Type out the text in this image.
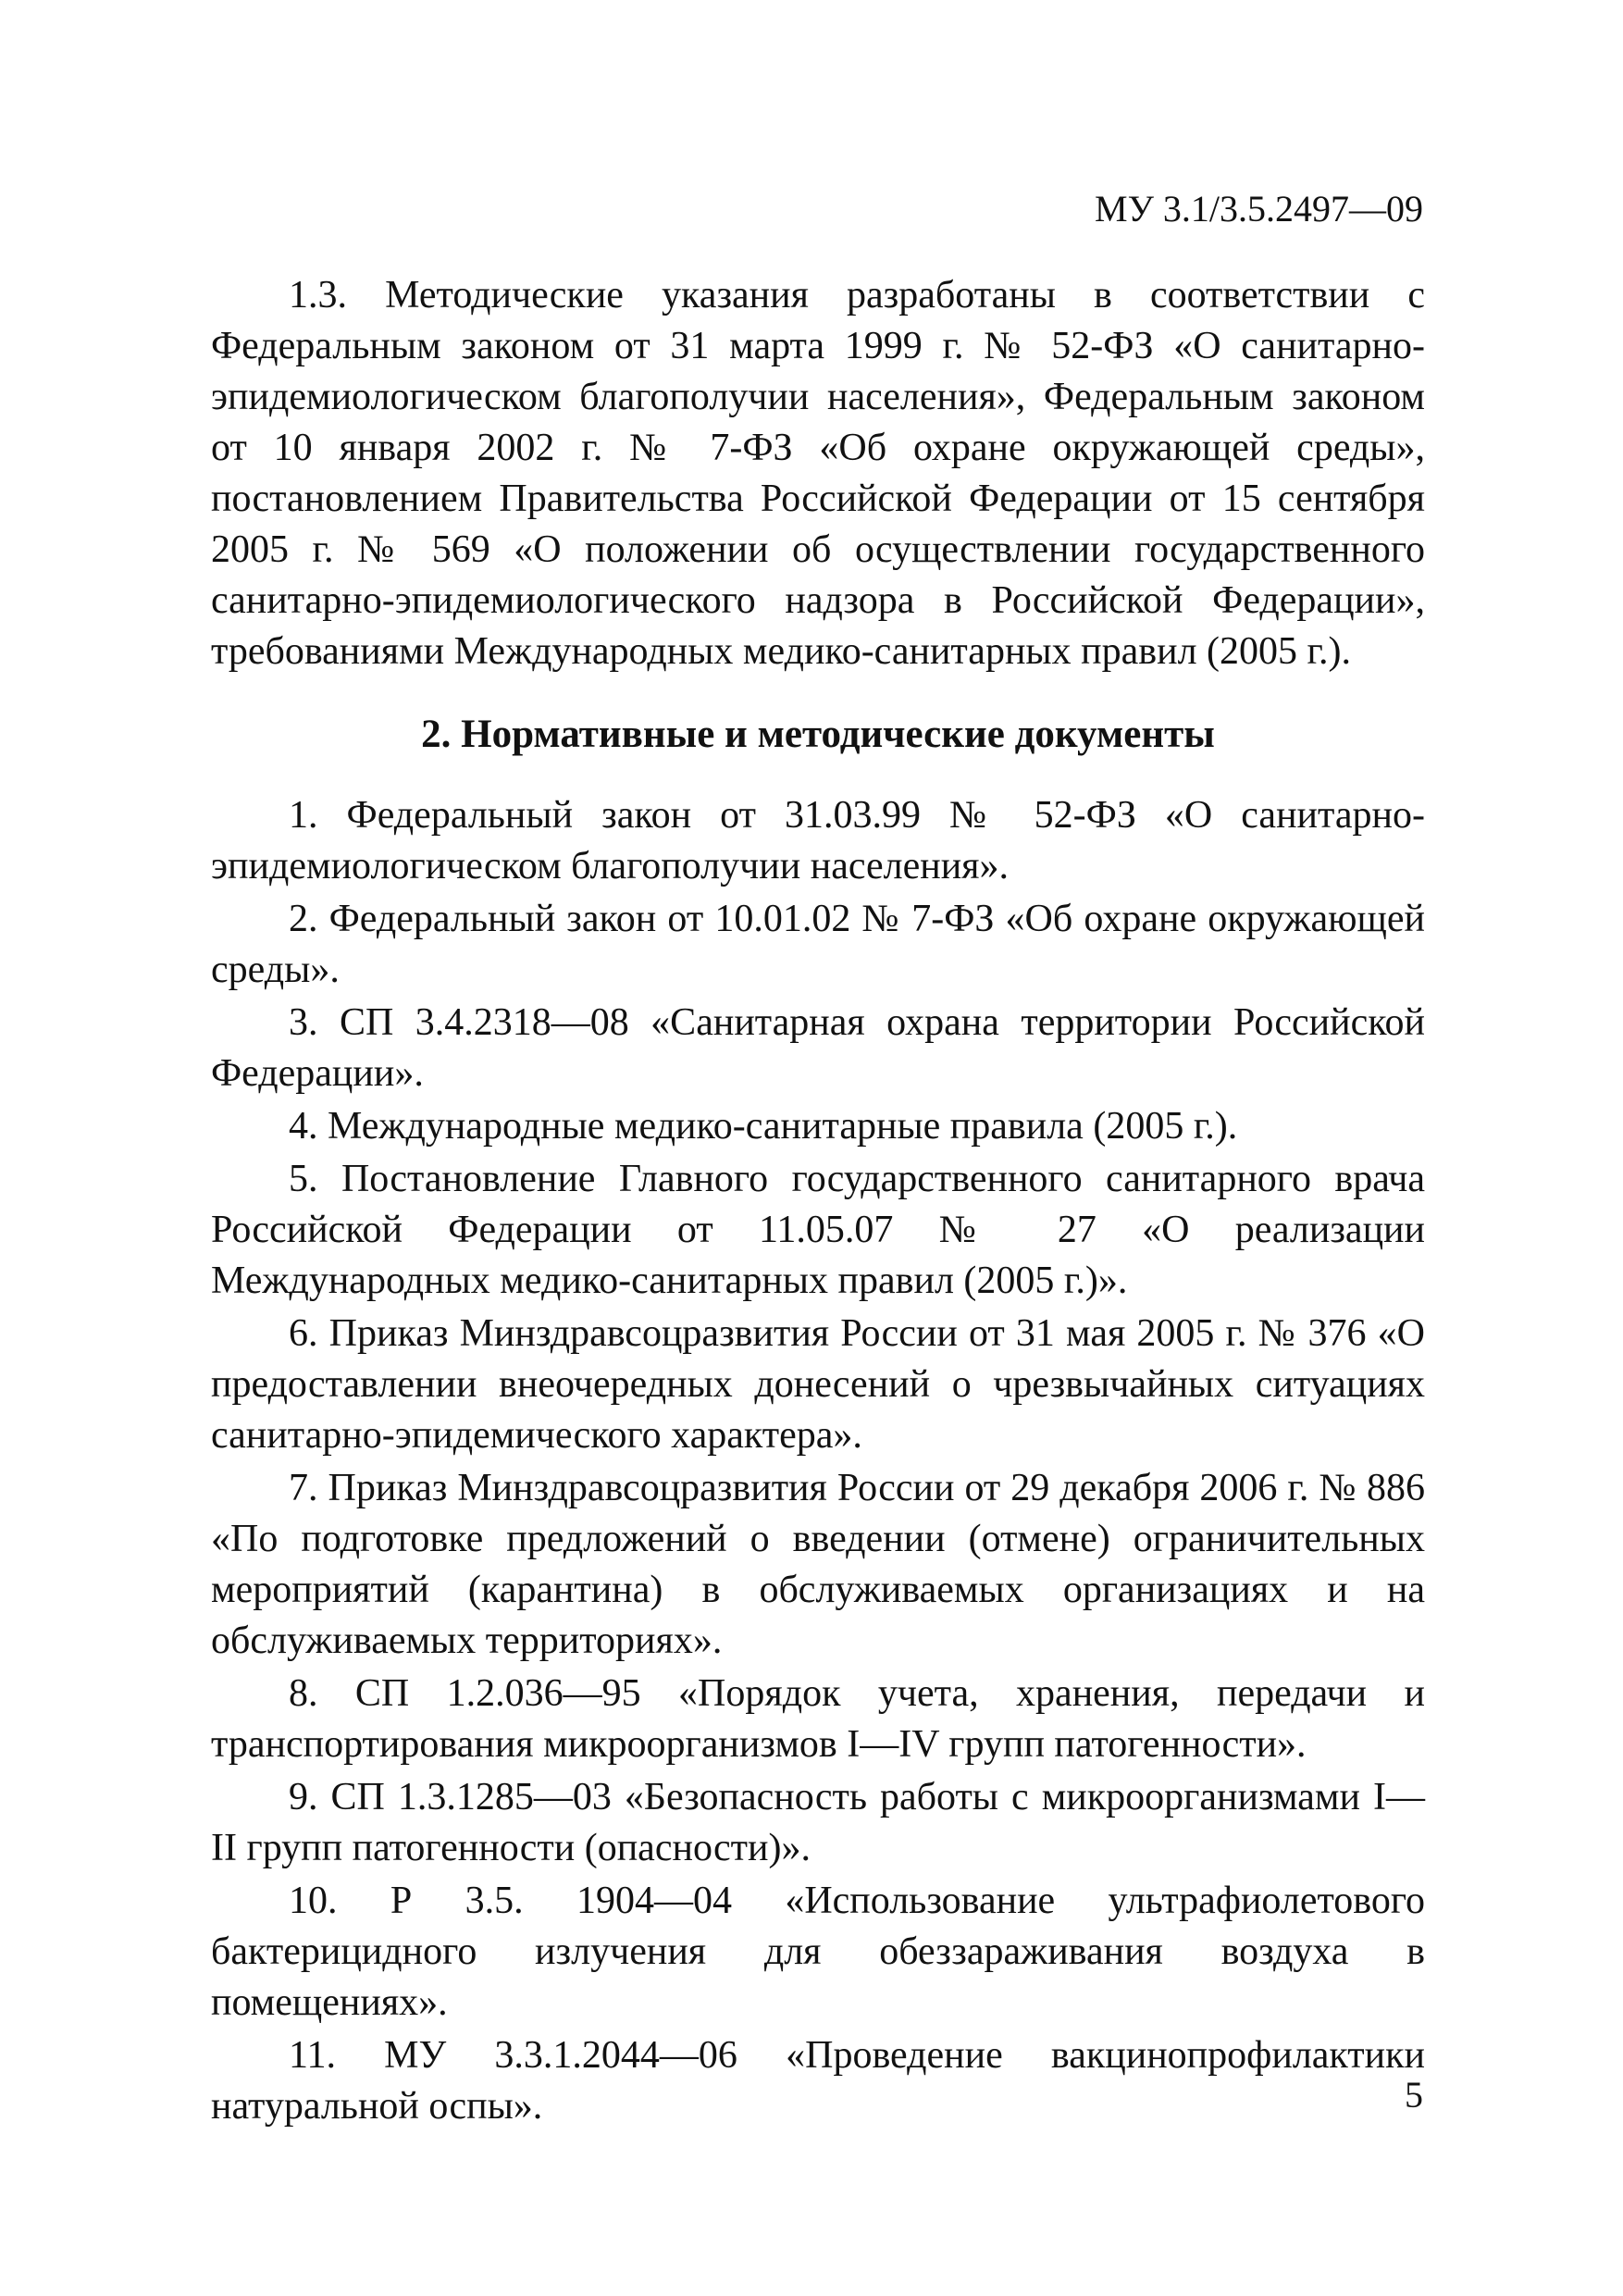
МУ 3.1/3.5.2497—09

1.3. Методические указания разработаны в соответствии с Федеральным законом от 31 марта 1999 г. № 52-ФЗ «О санитарно-эпидемиологическом благополучии населения», Федеральным законом от 10 января 2002 г. № 7-ФЗ «Об охране окружающей среды», постановлением Правительства Российской Федерации от 15 сентября 2005 г. № 569 «О положении об осуществлении государственного санитарно-эпидемиологического надзора в Российской Федерации», требованиями Международных медико-санитарных правил (2005 г.).

2. Нормативные и методические документы

1. Федеральный закон от 31.03.99 № 52-ФЗ «О санитарно-эпидемиологическом благополучии населения».

2. Федеральный закон от 10.01.02 № 7-ФЗ «Об охране окружающей среды».

3. СП 3.4.2318—08 «Санитарная охрана территории Российской Федерации».

4. Международные медико-санитарные правила (2005 г.).

5. Постановление Главного государственного санитарного врача Российской Федерации от 11.05.07 № 27 «О реализации Международных медико-санитарных правил (2005 г.)».

6. Приказ Минздравсоцразвития России от 31 мая 2005 г. № 376 «О предоставлении внеочередных донесений о чрезвычайных ситуациях санитарно-эпидемического характера».

7. Приказ Минздравсоцразвития России от 29 декабря 2006 г. № 886 «По подготовке предложений о введении (отмене) ограничительных мероприятий (карантина) в обслуживаемых организациях и на обслуживаемых территориях».

8. СП 1.2.036—95 «Порядок учета, хранения, передачи и транспортирования микроорганизмов I—IV групп патогенности».

9. СП 1.3.1285—03 «Безопасность работы с микроорганизмами I—II групп патогенности (опасности)».

10. Р 3.5. 1904—04 «Использование ультрафиолетового бактерицидного излучения для обеззараживания воздуха в помещениях».

11. МУ 3.3.1.2044—06 «Проведение вакцинопрофилактики натуральной оспы».	5
